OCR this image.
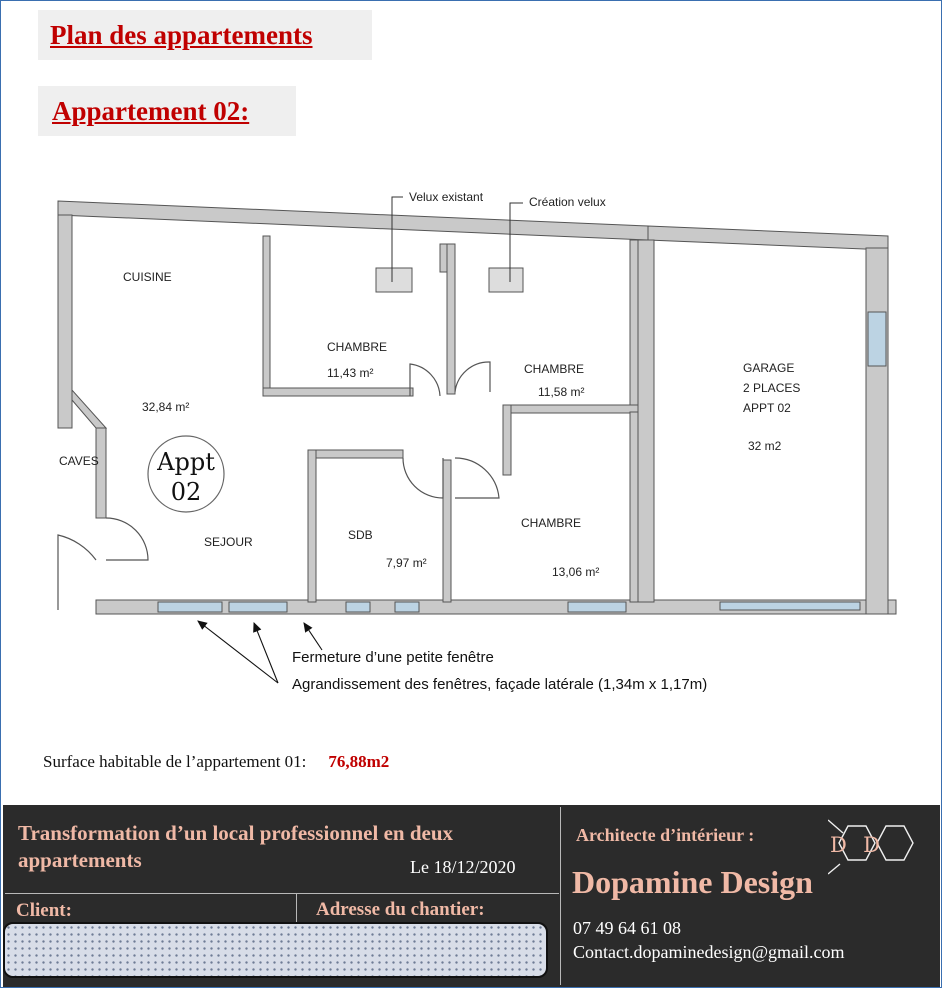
Plan des appartements
Appartement 02:
CUISINE
32,84 m²
SEJOUR
CAVES
CHAMBRE
11,43 m²	CHAMBRE
11,58 m²
CHAMBRE
13,06 m²
SDB
7,97 m²
GARAGE
2 PLACES
APPT 02
32 m2
Appt
02
Velux existant	Création velux
Fermeture d’une petite fenêtre
Agrandissement des fenêtres, façade latérale (1,34m x 1,17m)
Surface habitable de l’appartement 01: 76,88m2
Transformation d’un local professionnel en deux
appartements	Le 18/12/2020
Client:	Adresse du chantier:
Architecte d’intérieur :
Dopamine Design
D D
07 49 64 61 08
Contact.dopaminedesign@gmail.com
